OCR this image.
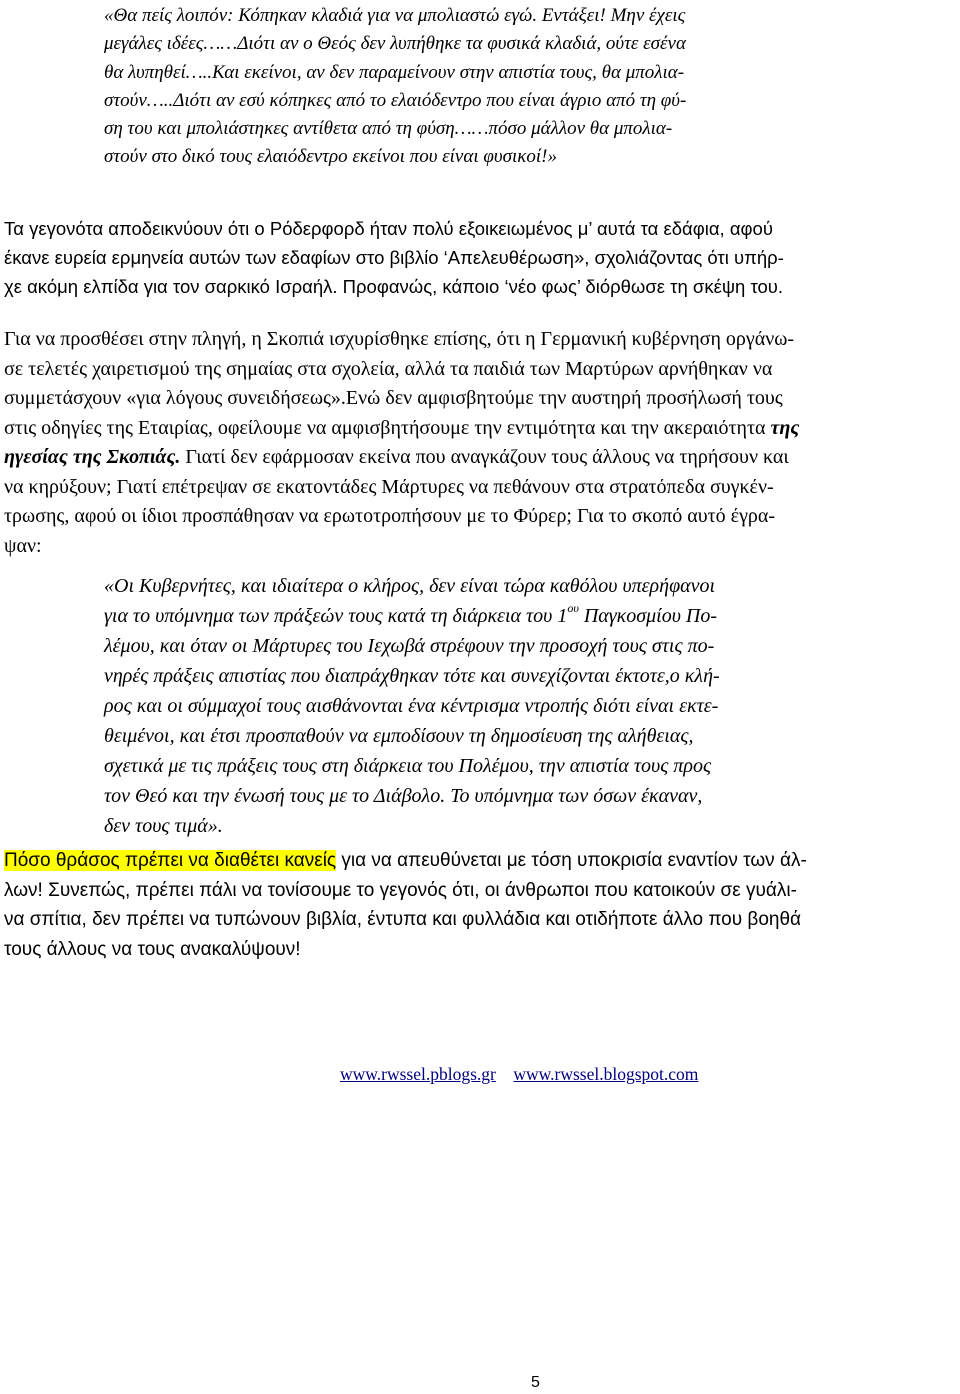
«Θα πείς λοιπόν: Κόπηκαν κλαδιά για να μπολιαστώ εγώ. Εντάξει! Μην έχεις
μεγάλες ιδέες……Διότι αν ο Θεός δεν λυπήθηκε τα φυσικά κλαδιά, ούτε εσένα
θα λυπηθεί…..Και εκείνοι, αν δεν παραμείνουν στην απιστία τους, θα μπολια-
στούν…..Διότι αν εσύ κόπηκες από το ελαιόδεντρο που είναι άγριο από τη φύ-
ση του και μπολιάστηκες αντίθετα από τη φύση……πόσο μάλλον θα μπολια-
στούν στο δικό τους ελαιόδεντρο εκείνοι που είναι φυσικοί!»
Τα γεγονότα αποδεικνύουν ότι ο Ρόδερφορδ ήταν πολύ εξοικειωμένος μ’ αυτά τα εδάφια, αφού
έκανε ευρεία ερμηνεία αυτών των εδαφίων στο βιβλίο ‘Απελευθέρωση», σχολιάζοντας ότι υπήρ-
χε ακόμη ελπίδα για τον σαρκικό Ισραήλ. Προφανώς, κάποιο ‘νέο φως’ διόρθωσε τη σκέψη του.
Για να προσθέσει στην πληγή, η Σκοπιά ισχυρίσθηκε επίσης, ότι η Γερμανική κυβέρνηση οργάνω-
σε τελετές χαιρετισμού της σημαίας στα σχολεία, αλλά τα παιδιά των Μαρτύρων αρνήθηκαν να
συμμετάσχουν «για λόγους συνειδήσεως».Ενώ δεν αμφισβητούμε την αυστηρή προσήλωσή τους
στις οδηγίες της Εταιρίας, οφείλουμε να αμφισβητήσουμε την εντιμότητα και την ακεραιότητα της
ηγεσίας της Σκοπιάς. Γιατί δεν εφάρμοσαν εκείνα που αναγκάζουν τους άλλους να τηρήσουν και
να κηρύξουν; Γιατί επέτρεψαν σε εκατοντάδες Μάρτυρες να πεθάνουν στα στρατόπεδα συγκέν-
τρωσης, αφού οι ίδιοι προσπάθησαν να ερωτοτροπήσουν με το Φύρερ; Για το σκοπό αυτό έγρα-
ψαν:
«Οι Κυβερνήτες, και ιδιαίτερα ο κλήρος, δεν είναι τώρα καθόλου υπερήφανοι
για το υπόμνημα των πράξεών τους κατά τη διάρκεια του $1^{o\upsilon}$ Παγκοσμίου Πο-
λέμου, και όταν οι Μάρτυρες του Ιεχωβά στρέφουν την προσοχή τους στις πο-
νηρές πράξεις απιστίας που διαπράχθηκαν τότε και συνεχίζονται έκτοτε,ο κλή-
ρος και οι σύμμαχοί τους αισθάνονται ένα κέντρισμα ντροπής διότι είναι εκτε-
θειμένοι, και έτσι προσπαθούν να εμποδίσουν τη δημοσίευση της αλήθειας,
σχετικά με τις πράξεις τους στη διάρκεια του Πολέμου, την απιστία τους προς
τον Θεό και την ένωσή τους με το Διάβολο. Το υπόμνημα των όσων έκαναν,
δεν τους τιμά».
Πόσο θράσος πρέπει να διαθέτει κανείς για να απευθύνεται με τόση υποκρισία εναντίον των άλ-
λων! Συνεπώς, πρέπει πάλι να τονίσουμε το γεγονός ότι, οι άνθρωποι που κατοικούν σε γυάλι-
να σπίτια, δεν πρέπει να τυπώνουν βιβλία, έντυπα και φυλλάδια και οτιδήποτε άλλο που βοηθά
τους άλλους να τους ανακαλύψουν!
www.rwssel.pblogs.gr www.rwssel.blogspot.com
5
